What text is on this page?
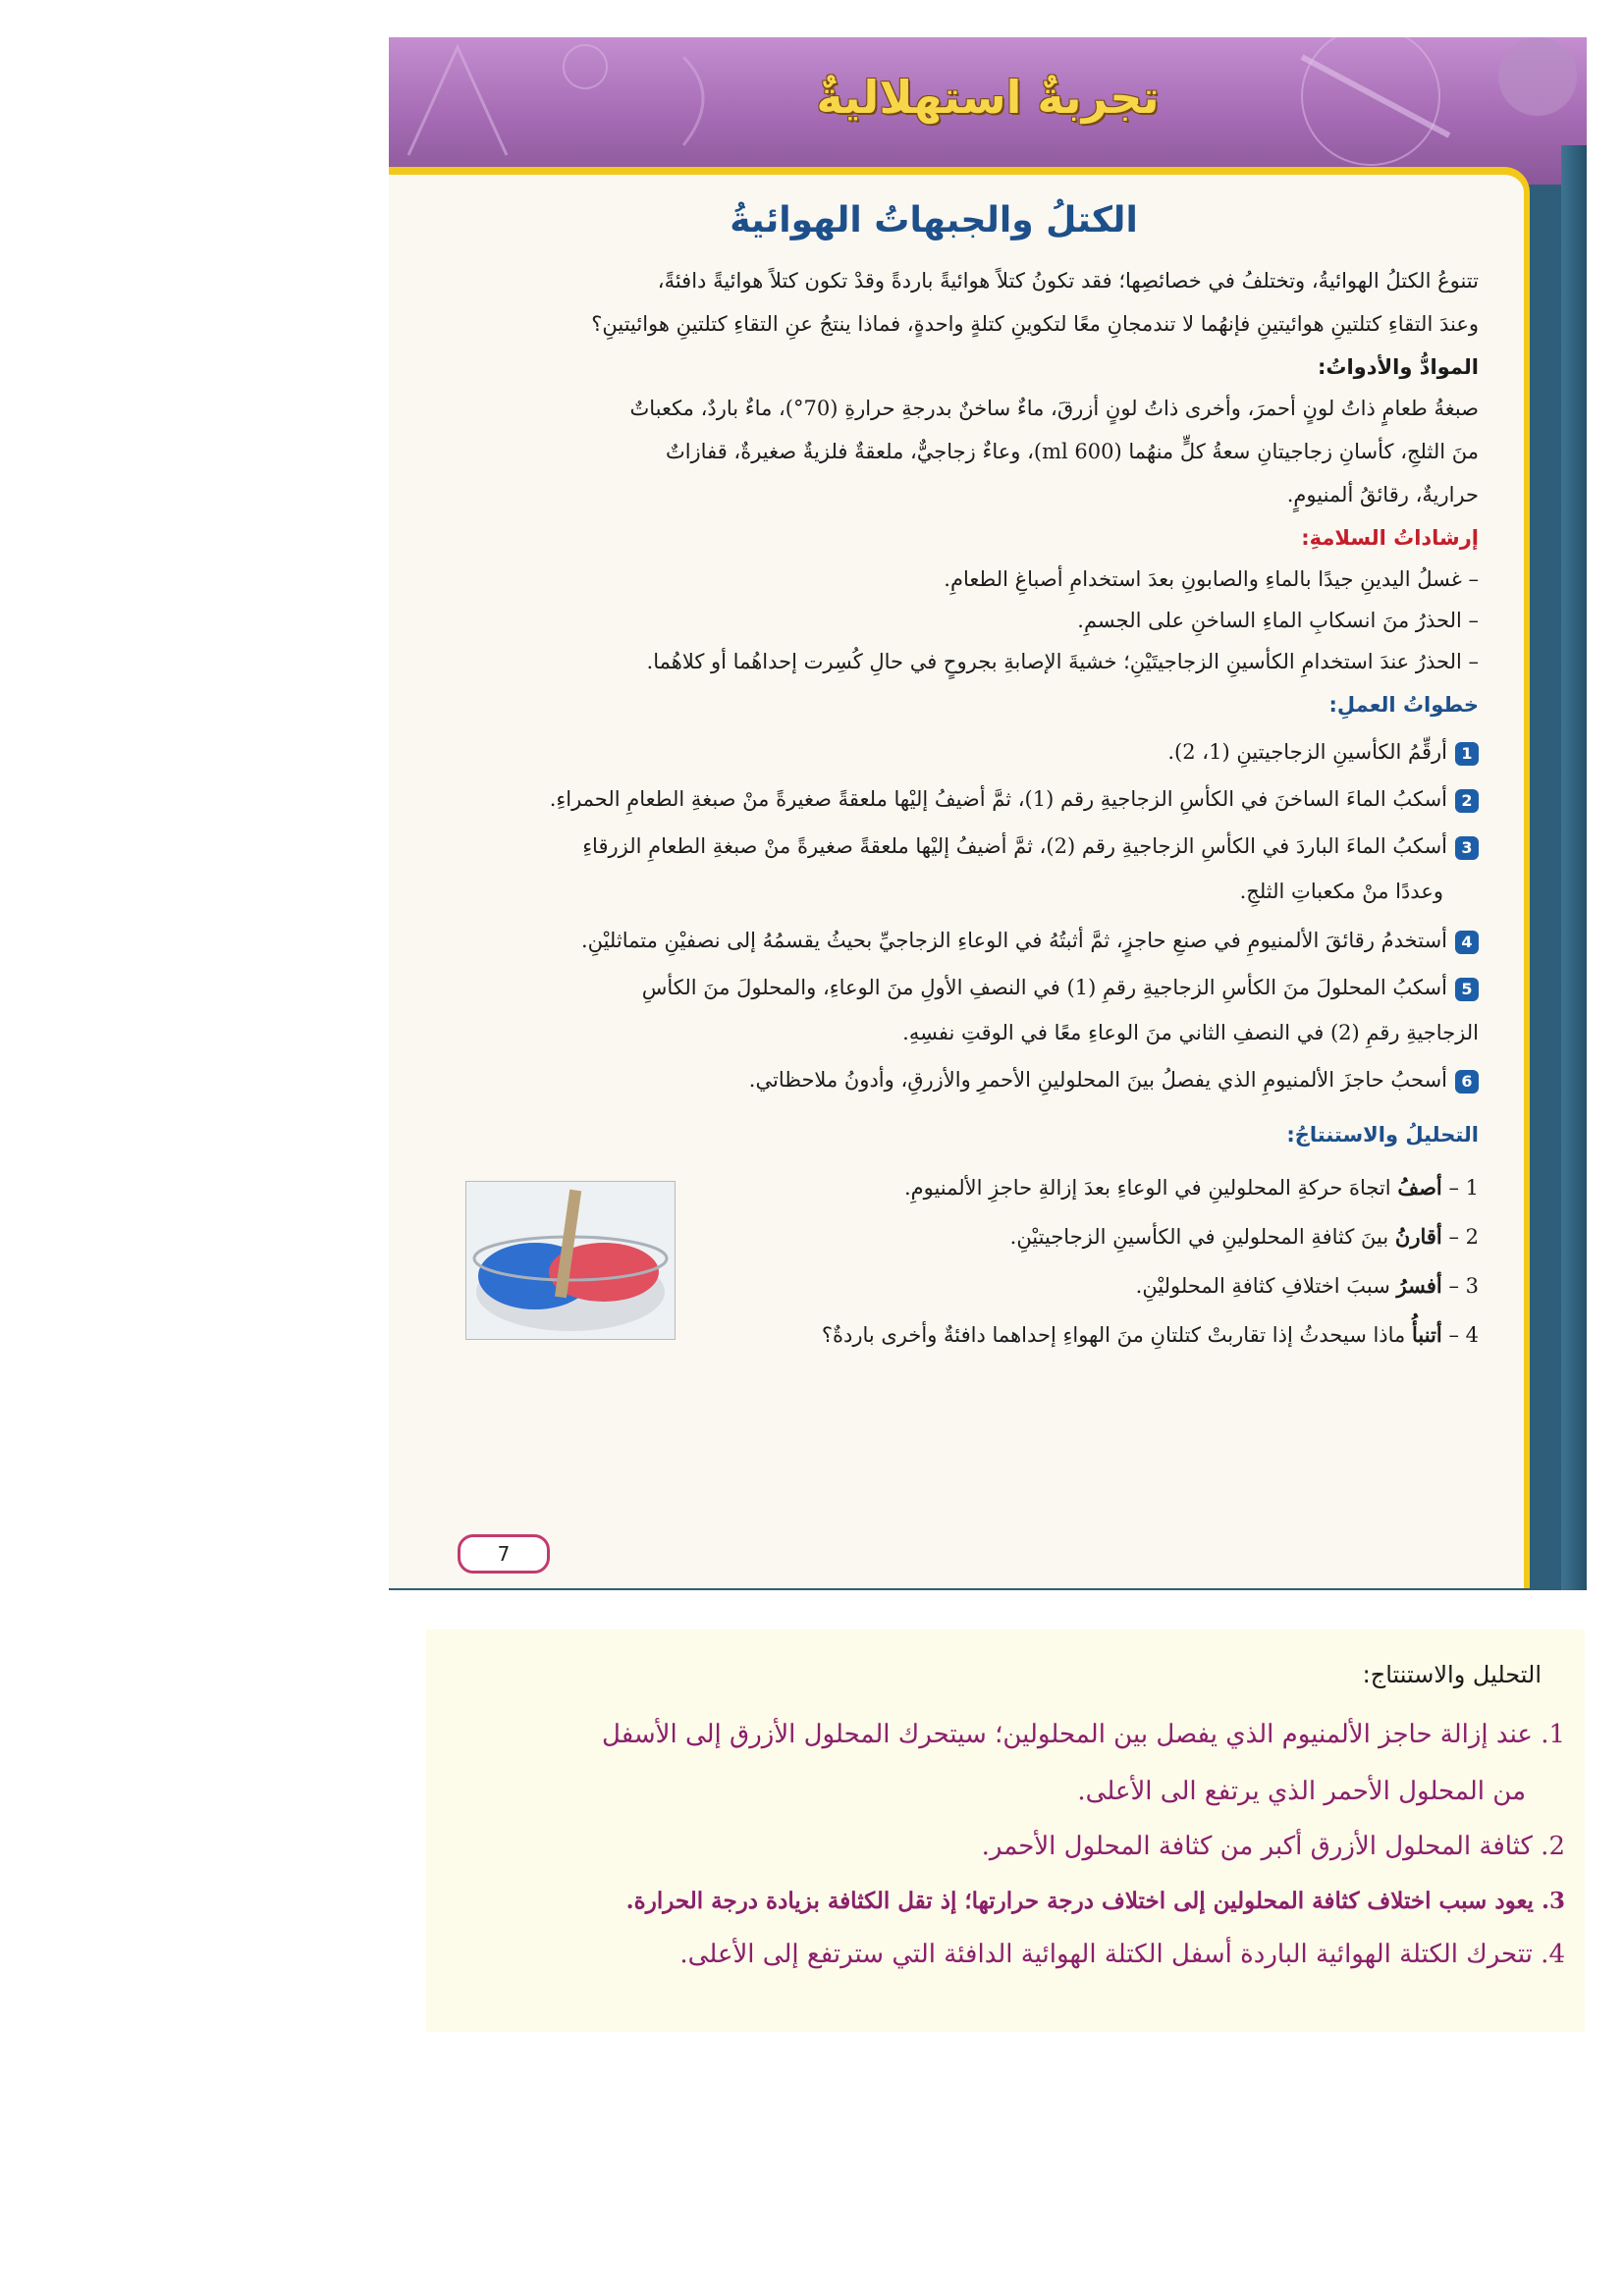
تجربةٌ استهلاليةٌ
الكتلُ والجبهاتُ الهوائيةُ
تتنوعُ الكتلُ الهوائيةُ، وتختلفُ في خصائصِها؛ فقد تكونُ كتلاً هوائيةً باردةً وقدْ تكون كتلاً هوائيةً دافئةً،
وعندَ التقاءِ كتلتينِ هوائيتينِ فإنهُما لا تندمجانِ معًا لتكوينِ كتلةٍ واحدةٍ، فماذا ينتجُ عنِ التقاءِ كتلتينِ هوائيتينِ؟
الموادُّ والأدواتُ:
صبغةُ طعامٍ ذاتُ لونٍ أحمرَ، وأخرى ذاتُ لونٍ أزرقَ، ماءٌ ساخنٌ بدرجةِ حرارةِ (70°)، ماءٌ باردٌ، مكعباتٌ
منَ الثلجِ، كأسانِ زجاجيتانِ سعةُ كلٍّ منهُما (600 ml)، وعاءٌ زجاجيٌّ، ملعقةٌ فلزيةٌ صغيرةٌ، قفازاتٌ
حراريةٌ، رقائقُ ألمنيومٍ.
إرشاداتُ السلامةِ:
– غسلُ اليدينِ جيدًا بالماءِ والصابونِ بعدَ استخدامِ أصباغِ الطعامِ.
– الحذرُ منَ انسكابِ الماءِ الساخنِ على الجسمِ.
– الحذرُ عندَ استخدامِ الكأسينِ الزجاجيتَيْنِ؛ خشيةَ الإصابةِ بجروحٍ في حالِ كُسِرت إحداهُما أو كلاهُما.
خطواتُ العملِ:
1أرقِّمُ الكأسينِ الزجاجيتينِ (1، 2).
2أسكبُ الماءَ الساخنَ في الكأسِ الزجاجيةِ رقم (1)، ثمَّ أضيفُ إليْها ملعقةً صغيرةً منْ صبغةِ الطعامِ الحمراءِ.
3أسكبُ الماءَ الباردَ في الكأسِ الزجاجيةِ رقم (2)، ثمَّ أضيفُ إليْها ملعقةً صغيرةً منْ صبغةِ الطعامِ الزرقاءِ
وعددًا منْ مكعباتِ الثلجِ.
4أستخدمُ رقائقَ الألمنيومِ في صنعِ حاجزٍ، ثمَّ أثبتُهُ في الوعاءِ الزجاجيِّ بحيثُ يقسمُهُ إلى نصفيْنِ متماثليْنِ.
5أسكبُ المحلولَ منَ الكأسِ الزجاجيةِ رقمِ (1) في النصفِ الأولِ منَ الوعاءِ، والمحلولَ منَ الكأسِ
الزجاجيةِ رقمِ (2) في النصفِ الثاني منَ الوعاءِ معًا في الوقتِ نفسِهِ.
6أسحبُ حاجزَ الألمنيومِ الذي يفصلُ بينَ المحلولينِ الأحمرِ والأزرقِ، وأدونُ ملاحظاتي.
التحليلُ والاستنتاجُ:
1 – أصفُ اتجاهَ حركةِ المحلولينِ في الوعاءِ بعدَ إزالةِ حاجزِ الألمنيومِ.
2 – أقارنُ بينَ كثافةِ المحلولينِ في الكأسينِ الزجاجيتيْنِ.
3 – أفسرُ سببَ اختلافِ كثافةِ المحلوليْنِ.
4 – أتنبأُ ماذا سيحدثُ إذا تقاربتْ كتلتانِ منَ الهواءِ إحداهما دافئةٌ وأخرى باردةٌ؟
7
التحليل والاستنتاج:
1. عند إزالة حاجز الألمنيوم الذي يفصل بين المحلولين؛ سيتحرك المحلول الأزرق إلى الأسفل
من المحلول الأحمر الذي يرتفع الى الأعلى.
2. كثافة المحلول الأزرق أكبر من كثافة المحلول الأحمر.
3. يعود سبب اختلاف كثافة المحلولين إلى اختلاف درجة حرارتها؛ إذ تقل الكثافة بزيادة درجة الحرارة.
4. تتحرك الكتلة الهوائية الباردة أسفل الكتلة الهوائية الدافئة التي سترتفع إلى الأعلى.
